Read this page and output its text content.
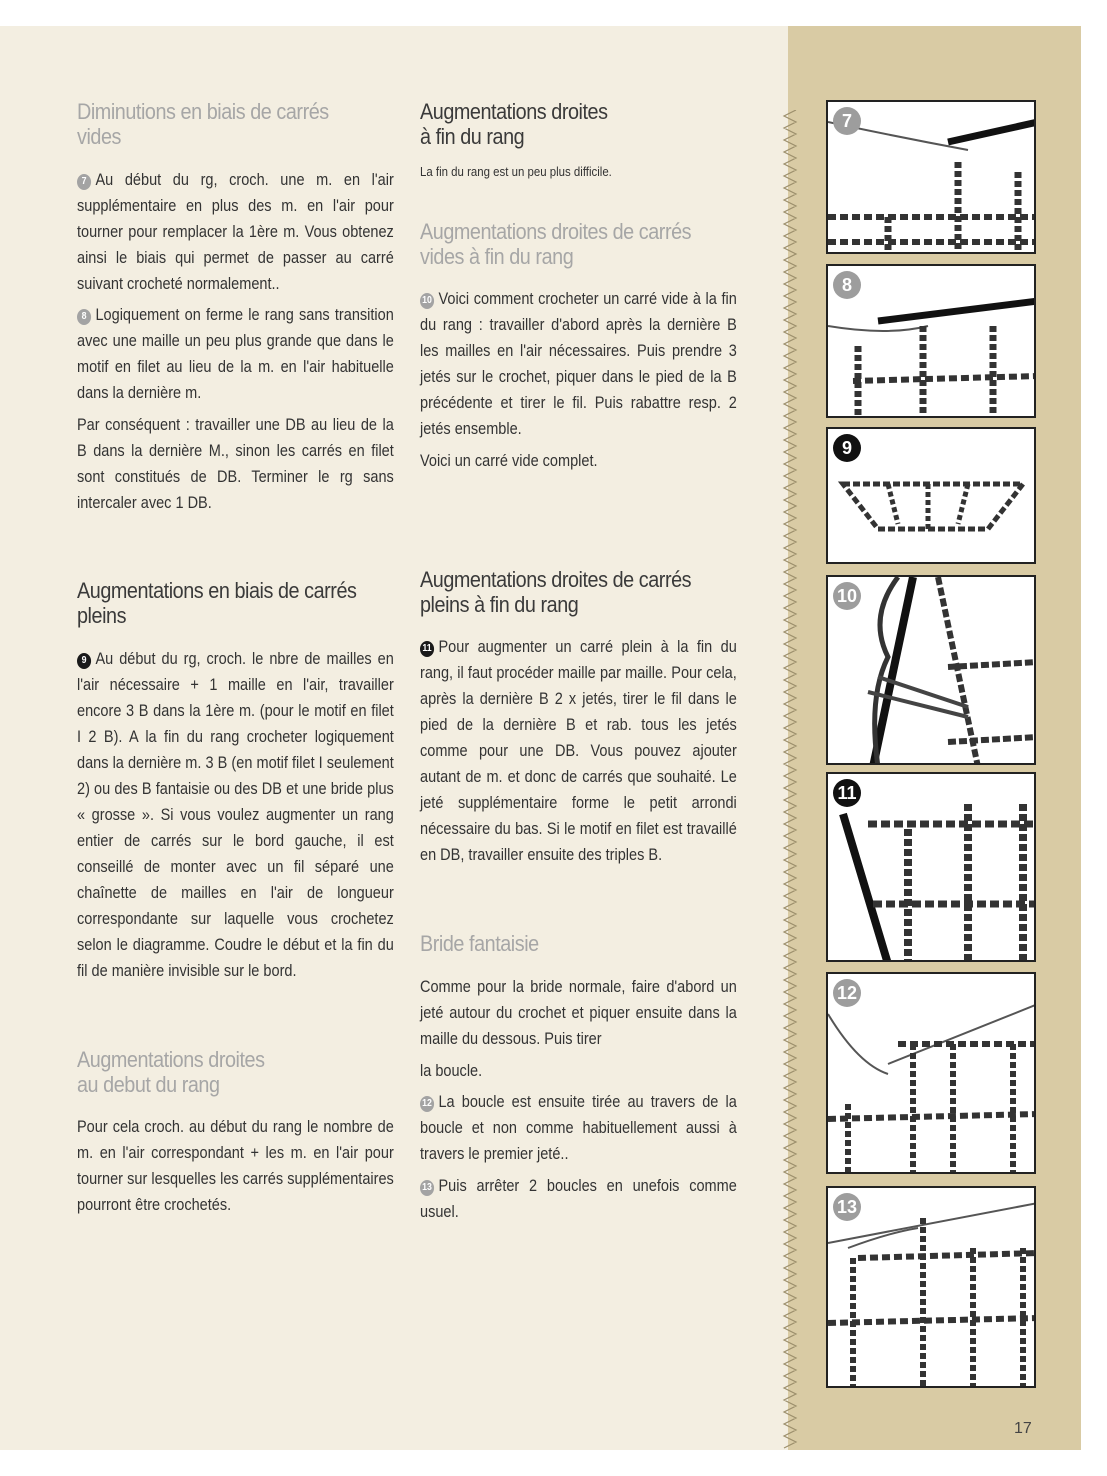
Diminutions en biais de carrés
vides
7 Au début du rg, croch. une m. en l'air supplémentaire en plus des m. en l'air pour tourner pour remplacer la 1ère m. Vous obtenez ainsi le biais qui permet de passer au carré suivant crocheté normalement..
8 Logiquement on ferme le rang sans transition avec une maille un peu plus grande que dans le motif en filet au lieu de la m. en l'air habituelle dans la dernière m.
Par conséquent : travailler une DB au lieu de la B dans la dernière M., sinon les carrés en filet sont constitués de DB. Terminer le rg sans intercaler avec 1 DB.
Augmentations en biais de carrés
pleins
9 Au début du rg, croch. le nbre de mailles en l'air nécessaire + 1 maille en l'air, travailler encore 3 B dans la 1ère m. (pour le motif en filet I 2 B). A la fin du rang crocheter logiquement dans la dernière m. 3 B (en motif filet I seulement 2) ou des B fantaisie ou des DB et une bride plus « grosse ». Si vous voulez augmenter un rang entier de carrés sur le bord gauche, il est conseillé de monter avec un fil séparé une chaînette de mailles en l'air de longueur correspondante sur laquelle vous crochetez selon le diagramme. Coudre le début et la fin du fil de manière invisible sur le bord.
Augmentations droites
au debut du rang
Pour cela croch. au début du rang le nombre de m. en l'air correspondant + les m. en l'air pour tourner sur lesquelles les carrés supplémentaires pourront être crochetés.
Augmentations droites
à fin du rang
La fin du rang est un peu plus difficile.
Augmentations droites de carrés
vides à fin du rang
10 Voici comment crocheter un carré vide à la fin du rang : travailler d'abord après la dernière B les mailles en l'air nécessaires. Puis prendre 3 jetés sur le crochet, piquer dans le pied de la B précédente et tirer le fil. Puis rabattre resp. 2 jetés ensemble.
Voici un carré vide complet.
Augmentations droites de carrés
pleins à fin du rang
11 Pour augmenter un carré plein à la fin du rang, il faut procéder maille par maille. Pour cela, après la dernière B 2 x jetés, tirer le fil dans le pied de la dernière B et rab. tous les jetés comme pour une DB. Vous pouvez ajouter autant de m. et donc de carrés que souhaité. Le jeté supplémentaire forme le petit arrondi nécessaire du bas. Si le motif en filet est travaillé en DB, travailler ensuite des triples B.
Bride fantaisie
Comme pour la bride normale, faire d'abord un jeté autour du crochet et piquer ensuite dans la maille du dessous. Puis tirer
la boucle.
12 La boucle est ensuite tirée au travers de la boucle et non comme habituellement aussi à travers le premier jeté..
13 Puis arrêter 2 boucles en unefois comme usuel.
7
8
9
10
11
12
13
17
